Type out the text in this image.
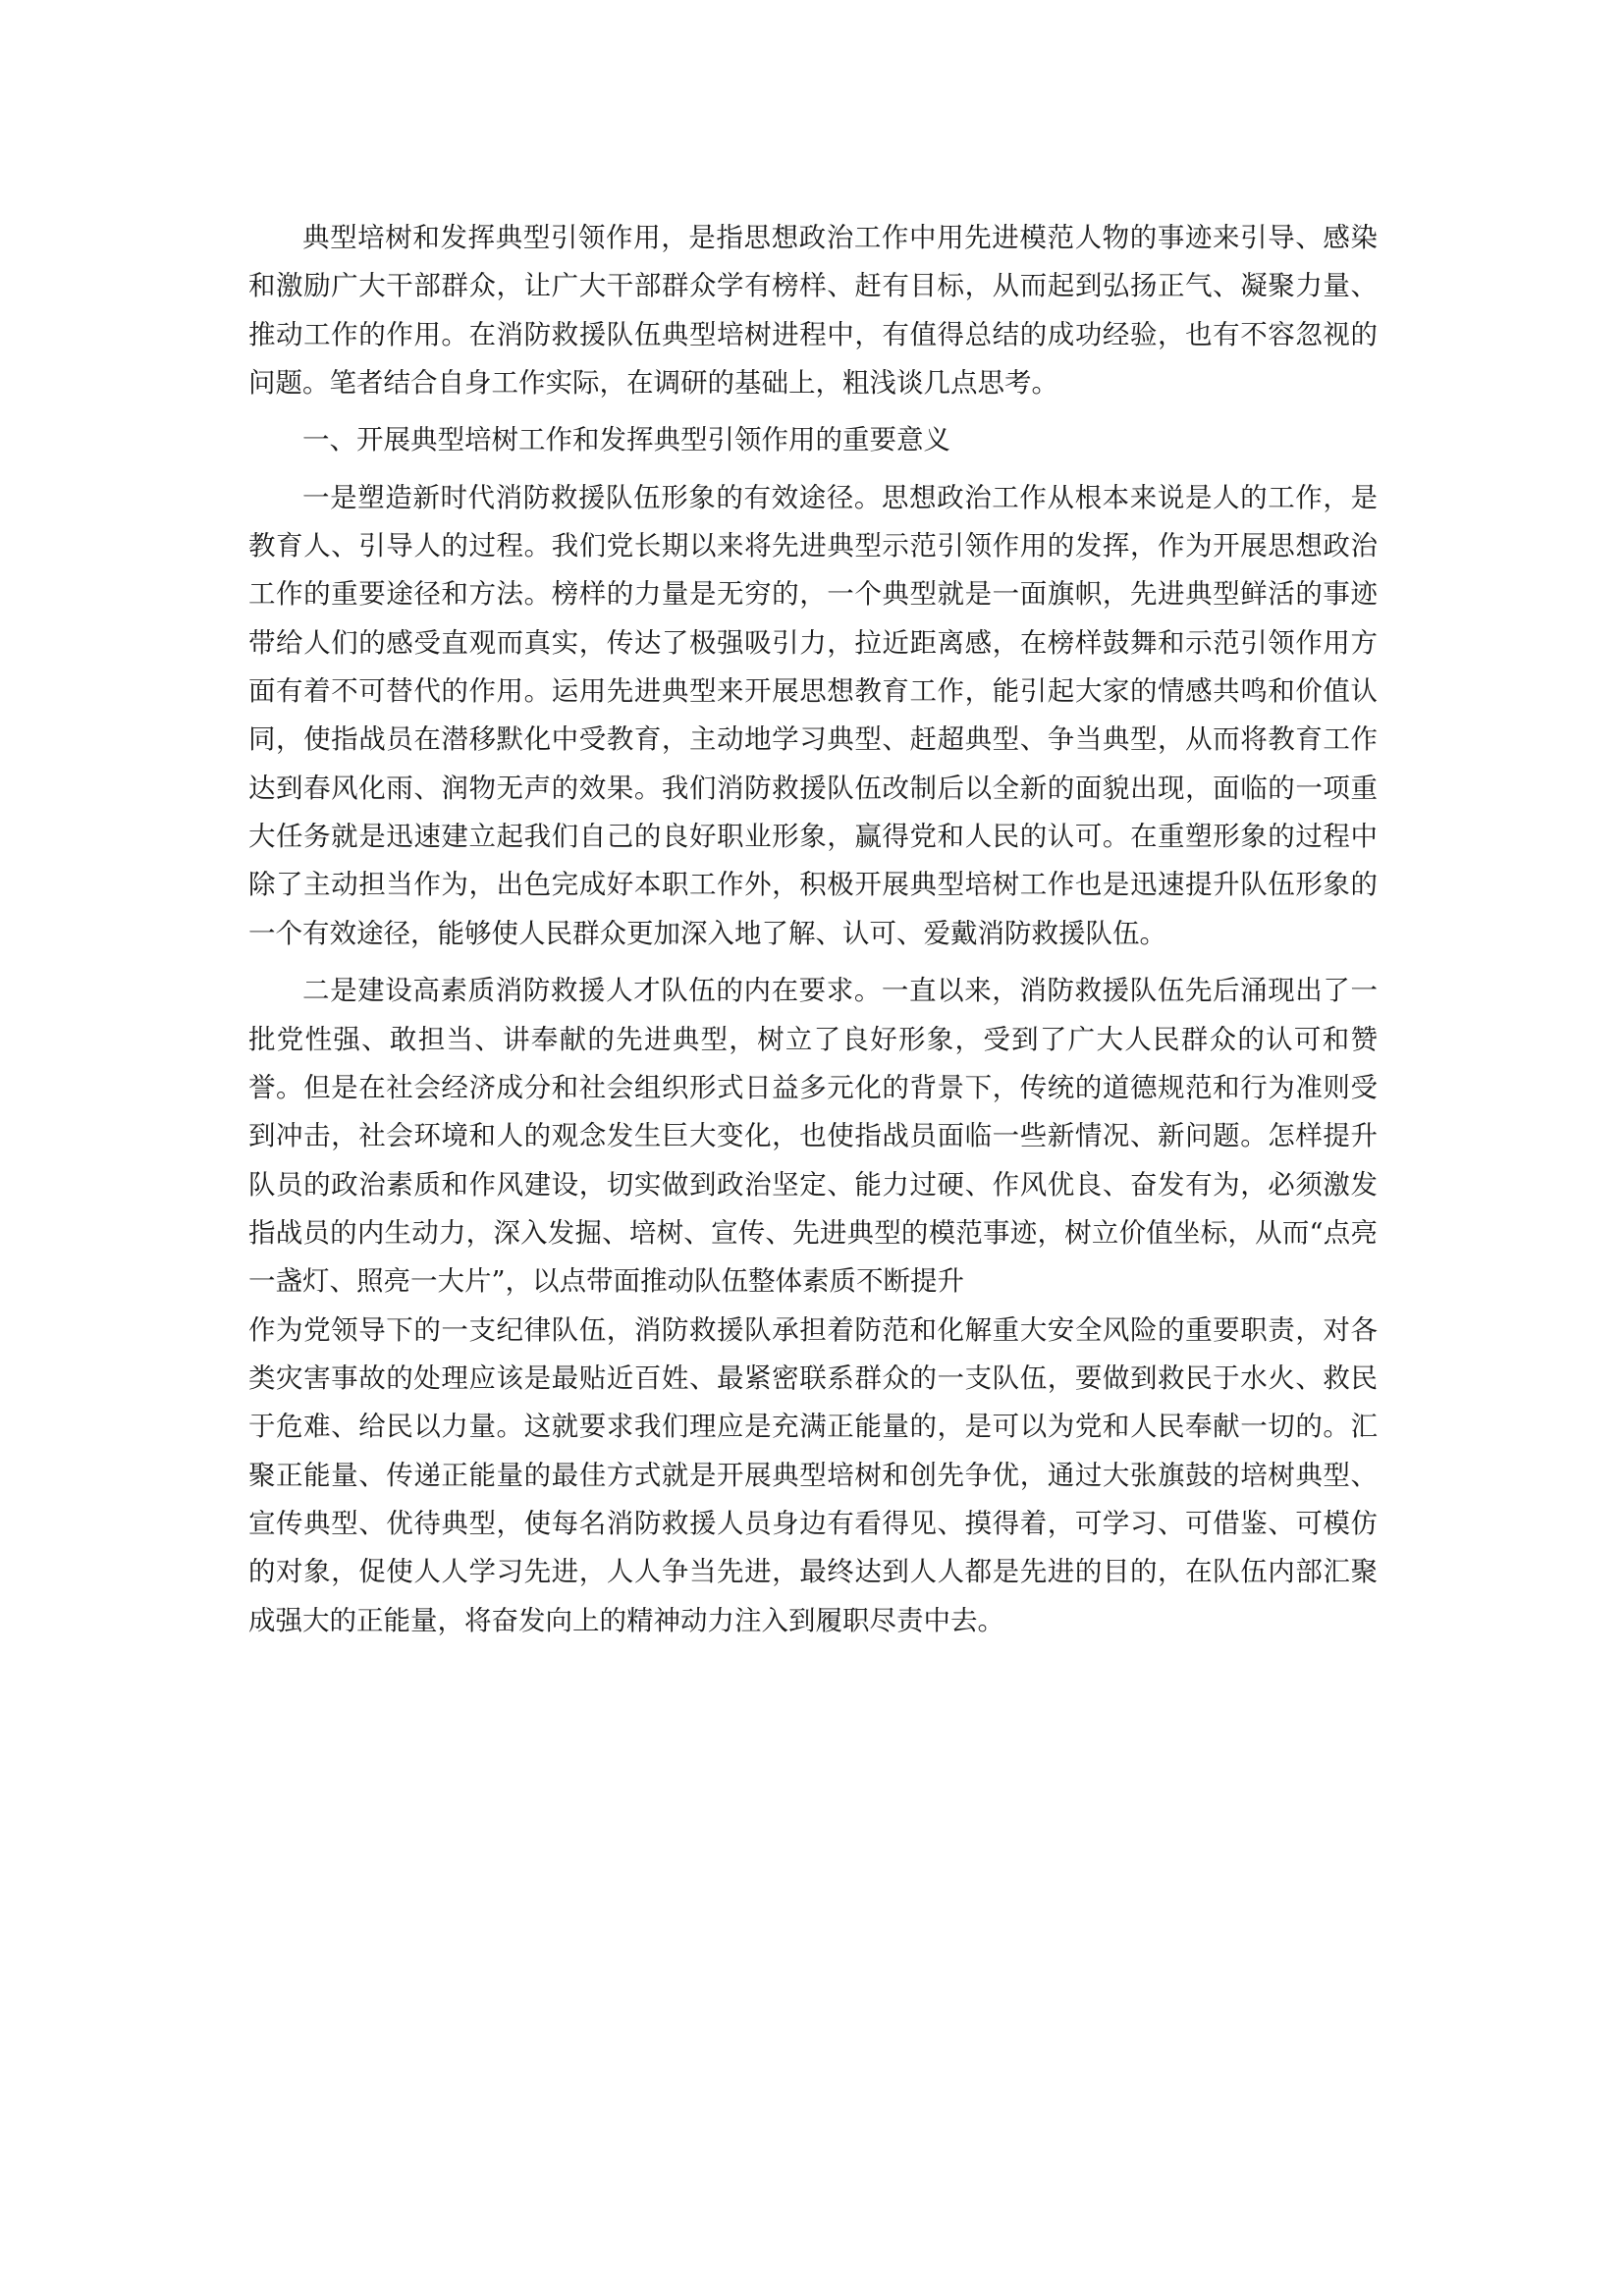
典型培树和发挥典型引领作用，是指思想政治工作中用先进模范人物的事迹来引导、感染和激励广大干部群众，让广大干部群众学有榜样、赶有目标，从而起到弘扬正气、凝聚力量、推动工作的作用。在消防救援队伍典型培树进程中，有值得总结的成功经验，也有不容忽视的问题。笔者结合自身工作实际，在调研的基础上，粗浅谈几点思考。

一、开展典型培树工作和发挥典型引领作用的重要意义

一是塑造新时代消防救援队伍形象的有效途径。思想政治工作从根本来说是人的工作，是教育人、引导人的过程。我们党长期以来将先进典型示范引领作用的发挥，作为开展思想政治工作的重要途径和方法。榜样的力量是无穷的，一个典型就是一面旗帜，先进典型鲜活的事迹带给人们的感受直观而真实，传达了极强吸引力，拉近距离感，在榜样鼓舞和示范引领作用方面有着不可替代的作用。运用先进典型来开展思想教育工作，能引起大家的情感共鸣和价值认同，使指战员在潜移默化中受教育，主动地学习典型、赶超典型、争当典型，从而将教育工作达到春风化雨、润物无声的效果。我们消防救援队伍改制后以全新的面貌出现，面临的一项重大任务就是迅速建立起我们自己的良好职业形象，赢得党和人民的认可。在重塑形象的过程中除了主动担当作为，出色完成好本职工作外，积极开展典型培树工作也是迅速提升队伍形象的一个有效途径，能够使人民群众更加深入地了解、认可、爱戴消防救援队伍。

二是建设高素质消防救援人才队伍的内在要求。一直以来，消防救援队伍先后涌现出了一批党性强、敢担当、讲奉献的先进典型，树立了良好形象，受到了广大人民群众的认可和赞誉。但是在社会经济成分和社会组织形式日益多元化的背景下，传统的道德规范和行为准则受到冲击，社会环境和人的观念发生巨大变化，也使指战员面临一些新情况、新问题。怎样提升队员的政治素质和作风建设，切实做到政治坚定、能力过硬、作风优良、奋发有为，必须激发指战员的内生动力，深入发掘、培树、宣传、先进典型的模范事迹，树立价值坐标，从而“点亮一盏灯、照亮一大片”，以点带面推动队伍整体素质不断提升

作为党领导下的一支纪律队伍，消防救援队承担着防范和化解重大安全风险的重要职责，对各类灾害事故的处理应该是最贴近百姓、最紧密联系群众的一支队伍，要做到救民于水火、救民于危难、给民以力量。这就要求我们理应是充满正能量的，是可以为党和人民奉献一切的。汇聚正能量、传递正能量的最佳方式就是开展典型培树和创先争优，通过大张旗鼓的培树典型、宣传典型、优待典型，使每名消防救援人员身边有看得见、摸得着，可学习、可借鉴、可模仿的对象，促使人人学习先进，人人争当先进，最终达到人人都是先进的目的，在队伍内部汇聚成强大的正能量，将奋发向上的精神动力注入到履职尽责中去。
